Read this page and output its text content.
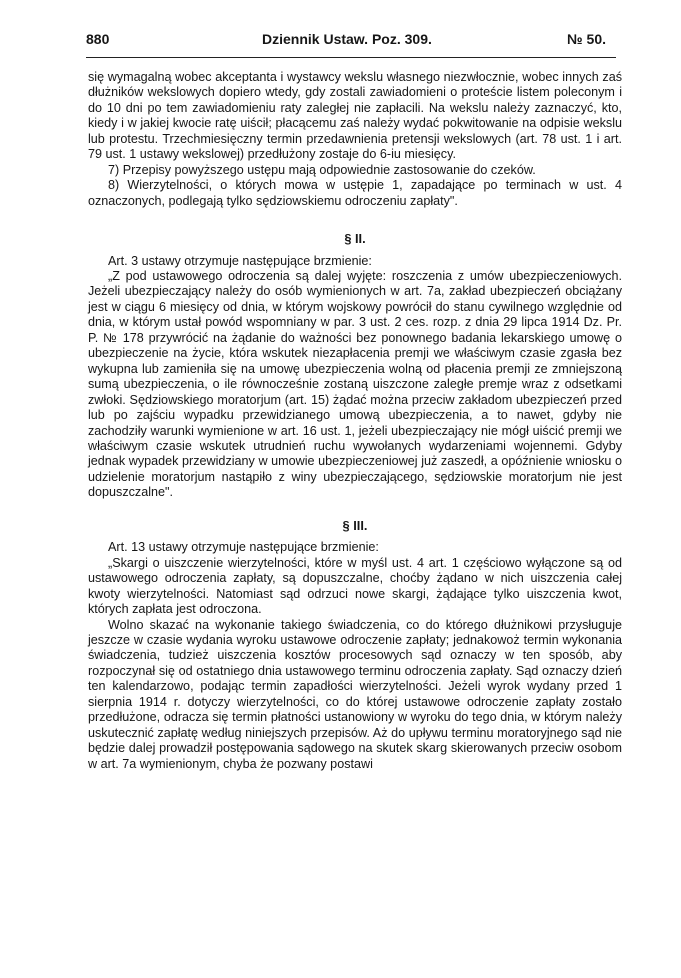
880	Dziennik Ustaw. Poz. 309.	№ 50.

się wymagalną wobec akceptanta i wystawcy wekslu własnego niezwłocznie, wobec innych zaś dłużników wekslowych dopiero wtedy, gdy zostali zawiadomieni o proteście listem poleconym i do 10 dni po tem zawiadomieniu raty zaległej nie zapłacili. Na wekslu należy zaznaczyć, kto, kiedy i w jakiej kwocie ratę uiścił; płacącemu zaś należy wydać pokwitowanie na odpisie wekslu lub protestu. Trzechmiesięczny termin przedawnienia pretensji wekslowych (art. 78 ust. 1 i art. 79 ust. 1 ustawy wekslowej) przedłużony zostaje do 6-iu miesięcy.

7) Przepisy powyższego ustępu mają odpowiednie zastosowanie do czeków.

8) Wierzytelności, o których mowa w ustępie 1, zapadające po terminach w ust. 4 oznaczonych, podlegają tylko sędziowskiemu odroczeniu zapłaty".

§ II.

Art. 3 ustawy otrzymuje następujące brzmienie:

„Z pod ustawowego odroczenia są dalej wyjęte: roszczenia z umów ubezpieczeniowych. Jeżeli ubezpieczający należy do osób wymienionych w art. 7a, zakład ubezpieczeń obciążany jest w ciągu 6 miesięcy od dnia, w którym wojskowy powrócił do stanu cywilnego względnie od dnia, w którym ustał powód wspomniany w par. 3 ust. 2 ces. rozp. z dnia 29 lipca 1914 Dz. Pr. P. № 178 przywrócić na żądanie do ważności bez ponownego badania lekarskiego umowę o ubezpieczenie na życie, która wskutek niezapłacenia premji we właściwym czasie zgasła bez wykupna lub zamieniła się na umowę ubezpieczenia wolną od płacenia premji ze zmniejszoną sumą ubezpieczenia, o ile równocześnie zostaną uiszczone zaległe premje wraz z odsetkami zwłoki. Sędziowskiego moratorjum (art. 15) żądać można przeciw zakładom ubezpieczeń przed lub po zajściu wypadku przewidzianego umową ubezpieczenia, a to nawet, gdyby nie zachodziły warunki wymienione w art. 16 ust. 1, jeżeli ubezpieczający nie mógł uiścić premji we właściwym czasie wskutek utrudnień ruchu wywołanych wydarzeniami wojennemi. Gdyby jednak wypadek przewidziany w umowie ubezpieczeniowej już zaszedł, a opóźnienie wniosku o udzielenie moratorjum nastąpiło z winy ubezpieczającego, sędziowskie moratorjum nie jest dopuszczalne".

§ III.

Art. 13 ustawy otrzymuje następujące brzmienie:

„Skargi o uiszczenie wierzytelności, które w myśl ust. 4 art. 1 częściowo wyłączone są od ustawowego odroczenia zapłaty, są dopuszczalne, choćby żądano w nich uiszczenia całej kwoty wierzytelności. Natomiast sąd odrzuci nowe skargi, żądające tylko uiszczenia kwot, których zapłata jest odroczona.

Wolno skazać na wykonanie takiego świadczenia, co do którego dłużnikowi przysługuje jeszcze w czasie wydania wyroku ustawowe odroczenie zapłaty; jednakowoż termin wykonania świadczenia, tudzież uiszczenia kosztów procesowych sąd oznaczy w ten sposób, aby rozpoczynał się od ostatniego dnia ustawowego terminu odroczenia zapłaty. Sąd oznaczy dzień ten kalendarzowo, podając termin zapadłości wierzytelności. Jeżeli wyrok wydany przed 1 sierpnia 1914 r. dotyczy wierzytelności, co do której ustawowe odroczenie zapłaty zostało przedłużone, odracza się termin płatności ustanowiony w wyroku do tego dnia, w którym należy uskutecznić zapłatę według niniejszych przepisów. Aż do upływu terminu moratoryjnego sąd nie będzie dalej prowadził postępowania sądowego na skutek skarg skierowanych przeciw osobom w art. 7a wymienionym, chyba że pozwany postawi
